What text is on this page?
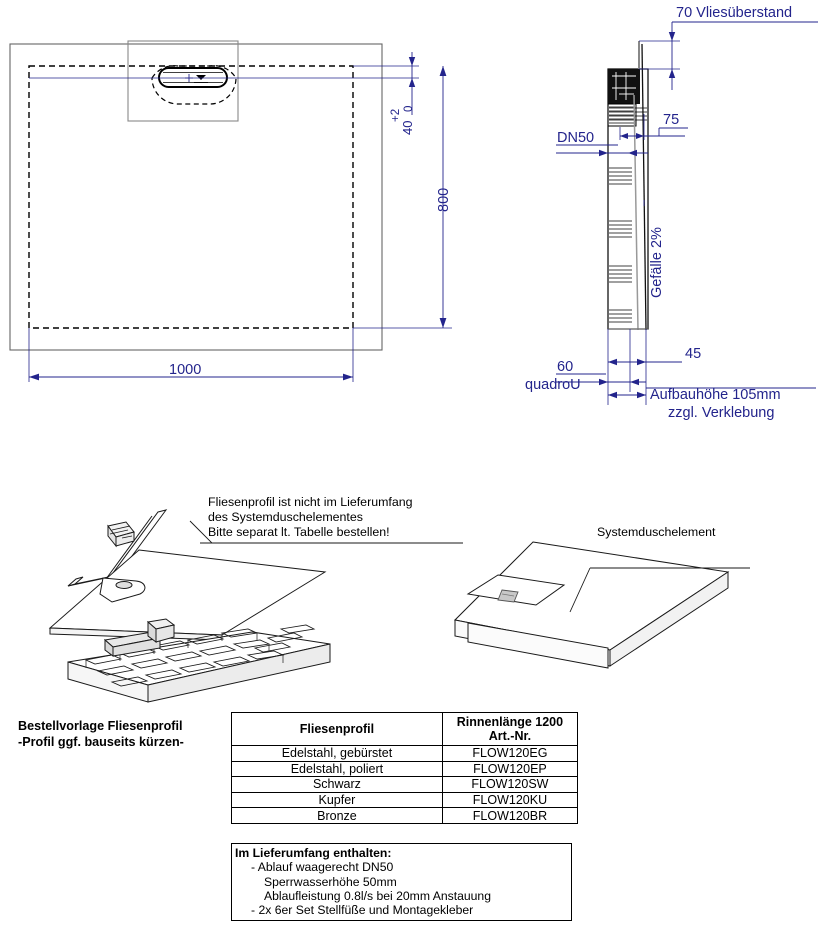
1000
800
40
+2
0
70 Vliesüberstand
DN50
75
Gefälle 2%
45
60
quadroU
Aufbauhöhe 105mm
zzgl. Verklebung
Fliesenprofil ist nicht im Lieferumfang
des Systemduschelementes
Bitte separat lt. Tabelle bestellen!	Systemduschelement
Bestellvorlage Fliesenprofil
-Profil ggf. bauseits kürzen-
Fliesenprofil	Rinnenlänge 1200
Art.-Nr.

Edelstahl, gebürstet	FLOW120EG
Edelstahl, poliert	FLOW120EP
Schwarz	FLOW120SW
Kupfer	FLOW120KU
Bronze	FLOW120BR
Im Lieferumfang enthalten:
- Ablauf waagerecht DN50
Sperrwasserhöhe 50mm
Ablaufleistung 0.8l/s bei 20mm Anstauung
- 2x 6er Set Stellfüße und Montagekleber
